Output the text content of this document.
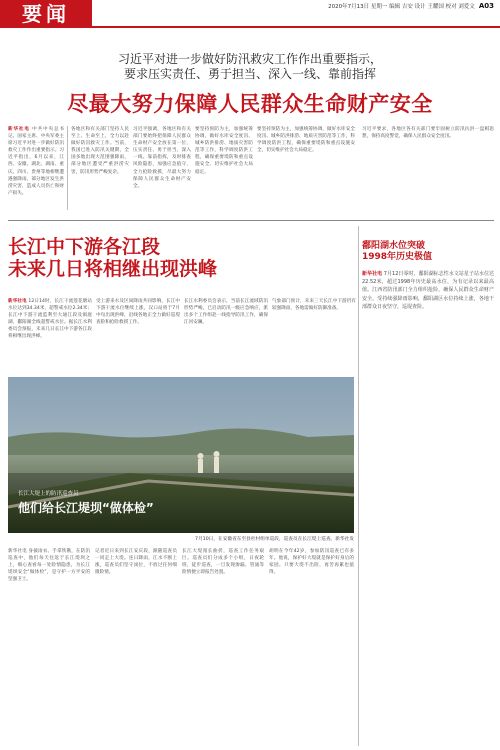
要闻	2020年7月13日 星期一 编辑 吉安 设计 王耀国 校对 刘爱文 A03
习近平对进一步做好防汛救灾工作作出重要指示，
要求压实责任、勇于担当、深入一线、靠前指挥
尽最大努力保障人民群众生命财产安全
新华社电 中共中央总书记、国家主席、中央军委主席习近平对进一步做好防汛救灾工作作出重要指示。习近平指出，6月以来，江西、安徽、湖北、湖南、重庆、四川、贵州等地相继遭遇强降雨，部分地区发生洪涝灾害，造成人员伤亡和财产损失。
各地区和有关部门坚持人民至上、生命至上，全力以赴做好防汛救灾工作。当前，我国已进入防汛关键期，全国多地出现大范围强降雨，部分地区遭受严重洪涝灾害，防汛形势严峻复杂。
习近平强调，各地区和有关部门要始终把保障人民群众生命财产安全放在第一位，压实责任、勇于担当，深入一线、靠前指挥，及时排查风险隐患，加强应急值守，全力抢险救援，尽最大努力保障人民群众生命财产安全。
要坚持预防为主，加强统筹协调，做好水库安全度汛、城乡防洪排涝、地质灾害防范等工作，科学调度防洪工程，确保重要堤防和重点设施安全，切实维护社会大局稳定。
要坚持预防为主，加强统筹协调，做好水库安全度汛、城乡防洪排涝、地质灾害防范等工作，科学调度防洪工程，确保重要堤防和重点设施安全，切实维护社会大局稳定。
习近平要求，各地区各有关部门要牢固树立防汛抗洪一盘棋思想，保持高度警觉，确保人民群众安全度汛。
长江中下游各江段
未来几日将相继出现洪峰
新华社电 12日14时，长江干流莲花塘站水位达到34.34米，超警戒水位2.34米；长江中下游干流监利至大通江段及洞庭湖、鄱阳湖全线超警戒水位。据长江水利委员会预报，未来几日长江中下游各江段将相继出现洪峰。
受上游来水及区间降雨共同影响，长江中下游干流水位继续上涨，汉口站将于7月中旬出现洪峰，沿线各地正全力做好巡堤查险和抢险救援工作。
长江水利委员会表示，当前长江流域防汛形势严峻，已启动防汛一级应急响应，派出多个工作组赴一线指导防汛工作，确保江河安澜。
气象部门预计，未来三天长江中下游仍有较强降雨，各地需做好防御准备。
长江大堤上的防汛巡查员
他们给长江堤坝“做体检”
7月10日，在安徽省东至县杜村组单巡段，巡查员在长江堤上巡查。新华社发
新华社电 身披雨衣、手拿铁锹，在防汛巡查中，他们每天往返于长江堤坝之上，细心查看每一处险情隐患，为长江堤坝安全“做体检”，是守护一方平安的坚强卫士。
记者近日来到长江安庆段，跟随巡查员一同走上大堤。连日降雨，江水不断上涨，巡查员们坚守岗位，不放过任何细微险情。
长江大堤漫长曲折，巡查工作任务艰巨。巡查员们分成多个小组，日夜轮班，徒步巡查，一旦发现渗漏、管涌等险情便立即报告处置。
胡明在今年42岁，参加防汛巡查已有多年。他说，保护好大堤就是保护好身后的家园。只要大堤不出险，再苦再累也值得。
鄱阳湖水位突破
1998年历史极值
新华社电 7月12日零时，鄱阳湖标志性水文站星子站水位达22.52米，超过1998年历史最高水位，为有记录以来最高值。江西省防汛部门全力组织抢险，确保人民群众生命财产安全。受持续强降雨影响，鄱阳湖区水位持续上涨，各地干部群众日夜坚守，巡堤查险。
